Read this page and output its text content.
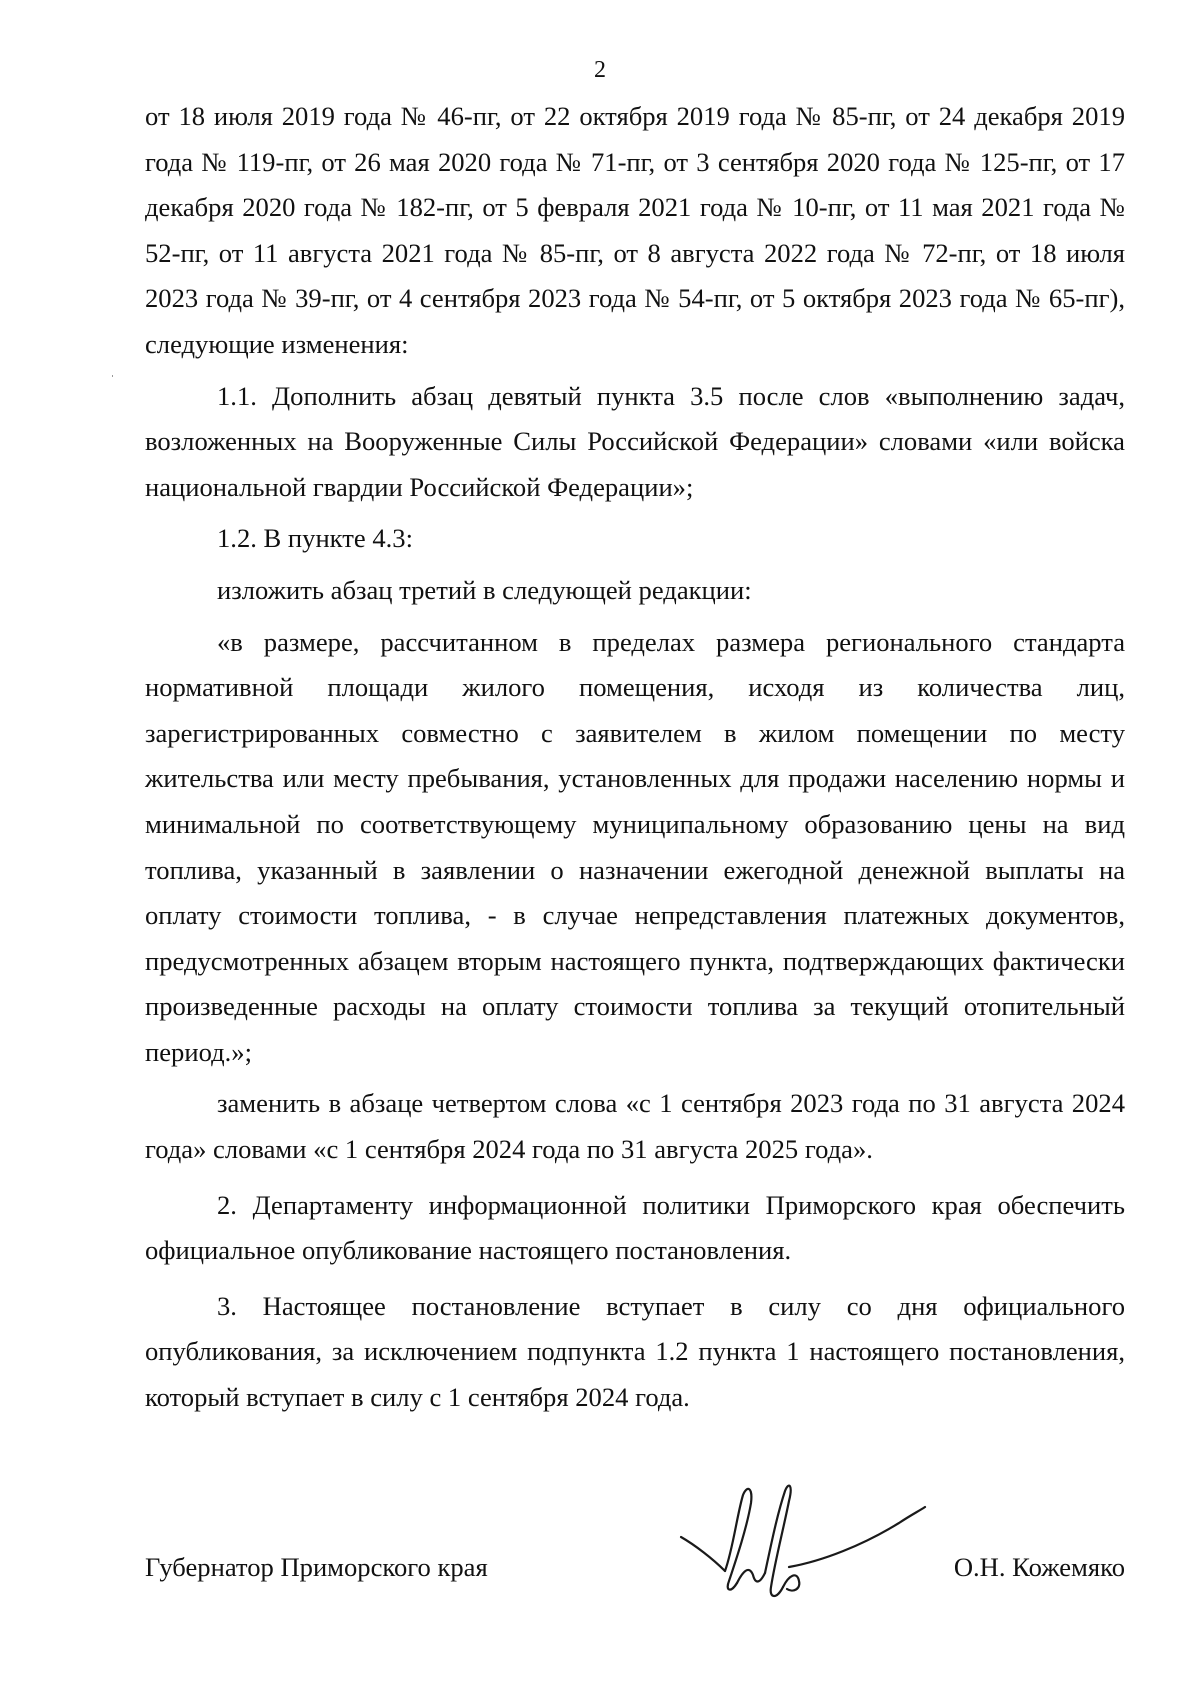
2

от 18 июля 2019 года № 46-пг, от 22 октября 2019 года № 85-пг, от 24 декабря 2019 года № 119-пг, от 26 мая 2020 года № 71-пг, от 3 сентября 2020 года № 125-пг, от 17 декабря 2020 года № 182-пг, от 5 февраля 2021 года № 10-пг, от 11 мая 2021 года № 52-пг, от 11 августа 2021 года № 85-пг, от 8 августа 2022 года № 72-пг, от 18 июля 2023 года № 39-пг, от 4 сентября 2023 года № 54-пг, от 5 октября 2023 года № 65-пг), следующие изменения:

1.1. Дополнить абзац девятый пункта 3.5 после слов «выполнению задач, возложенных на Вооруженные Силы Российской Федерации» словами «или войска национальной гвардии Российской Федерации»;

1.2. В пункте 4.3:

изложить абзац третий в следующей редакции:

«в размере, рассчитанном в пределах размера регионального стандарта нормативной площади жилого помещения, исходя из количества лиц, зарегистрированных совместно с заявителем в жилом помещении по месту жительства или месту пребывания, установленных для продажи населению нормы и минимальной по соответствующему муниципальному образованию цены на вид топлива, указанный в заявлении о назначении ежегодной денежной выплаты на оплату стоимости топлива, - в случае непредставления платежных документов, предусмотренных абзацем вторым настоящего пункта, подтверждающих фактически произведенные расходы на оплату стоимости топлива за текущий отопительный период.»;

заменить в абзаце четвертом слова «с 1 сентября 2023 года по 31 августа 2024 года» словами «с 1 сентября 2024 года по 31 августа 2025 года».

2. Департаменту информационной политики Приморского края обеспечить официальное опубликование настоящего постановления.

3. Настоящее постановление вступает в силу со дня официального опубликования, за исключением подпункта 1.2 пункта 1 настоящего постановления, который вступает в силу с 1 сентября 2024 года.

Губернатор Приморского края	О.Н. Кожемяко
